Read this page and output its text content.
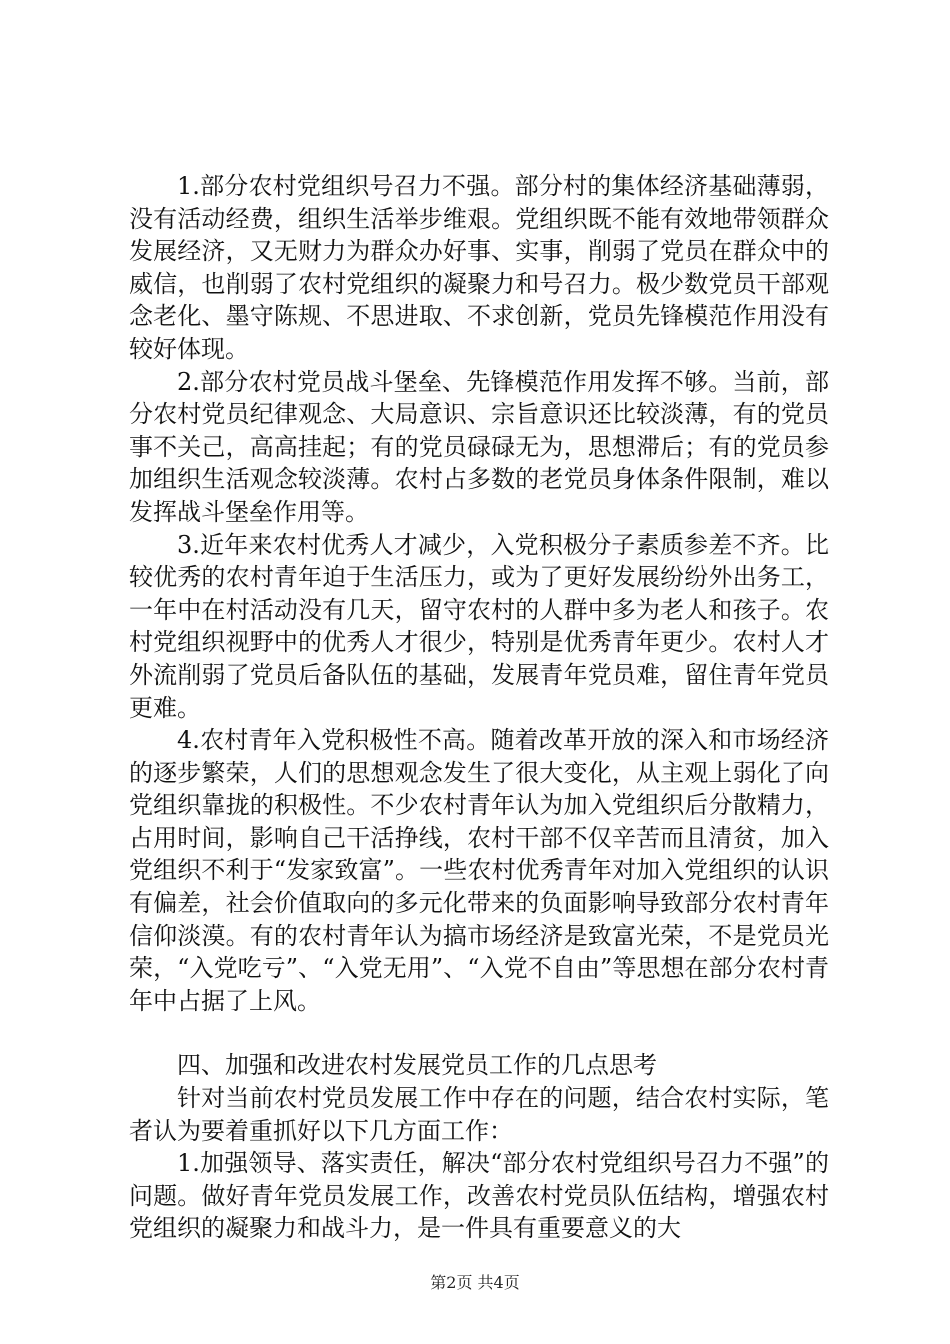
1.部分农村党组织号召力不强。部分村的集体经济基础薄弱，没有活动经费，组织生活举步维艰。党组织既不能有效地带领群众发展经济，又无财力为群众办好事、实事，削弱了党员在群众中的威信，也削弱了农村党组织的凝聚力和号召力。极少数党员干部观念老化、墨守陈规、不思进取、不求创新，党员先锋模范作用没有较好体现。

2.部分农村党员战斗堡垒、先锋模范作用发挥不够。当前，部分农村党员纪律观念、大局意识、宗旨意识还比较淡薄，有的党员事不关己，高高挂起；有的党员碌碌无为，思想滞后；有的党员参加组织生活观念较淡薄。农村占多数的老党员身体条件限制，难以发挥战斗堡垒作用等。

3.近年来农村优秀人才减少，入党积极分子素质参差不齐。比较优秀的农村青年迫于生活压力，或为了更好发展纷纷外出务工，一年中在村活动没有几天，留守农村的人群中多为老人和孩子。农村党组织视野中的优秀人才很少，特别是优秀青年更少。农村人才外流削弱了党员后备队伍的基础，发展青年党员难，留住青年党员更难。

4.农村青年入党积极性不高。随着改革开放的深入和市场经济的逐步繁荣，人们的思想观念发生了很大变化，从主观上弱化了向党组织靠拢的积极性。不少农村青年认为加入党组织后分散精力，占用时间，影响自己干活挣线，农村干部不仅辛苦而且清贫，加入党组织不利于“发家致富”。一些农村优秀青年对加入党组织的认识有偏差，社会价值取向的多元化带来的负面影响导致部分农村青年信仰淡漠。有的农村青年认为搞市场经济是致富光荣，不是党员光荣，“入党吃亏”、“入党无用”、“入党不自由”等思想在部分农村青年中占据了上风。

四、加强和改进农村发展党员工作的几点思考

针对当前农村党员发展工作中存在的问题，结合农村实际，笔者认为要着重抓好以下几方面工作：

1.加强领导、落实责任，解决“部分农村党组织号召力不强”的问题。做好青年党员发展工作，改善农村党员队伍结构，增强农村党组织的凝聚力和战斗力，是一件具有重要意义的大

第2页 共4页
